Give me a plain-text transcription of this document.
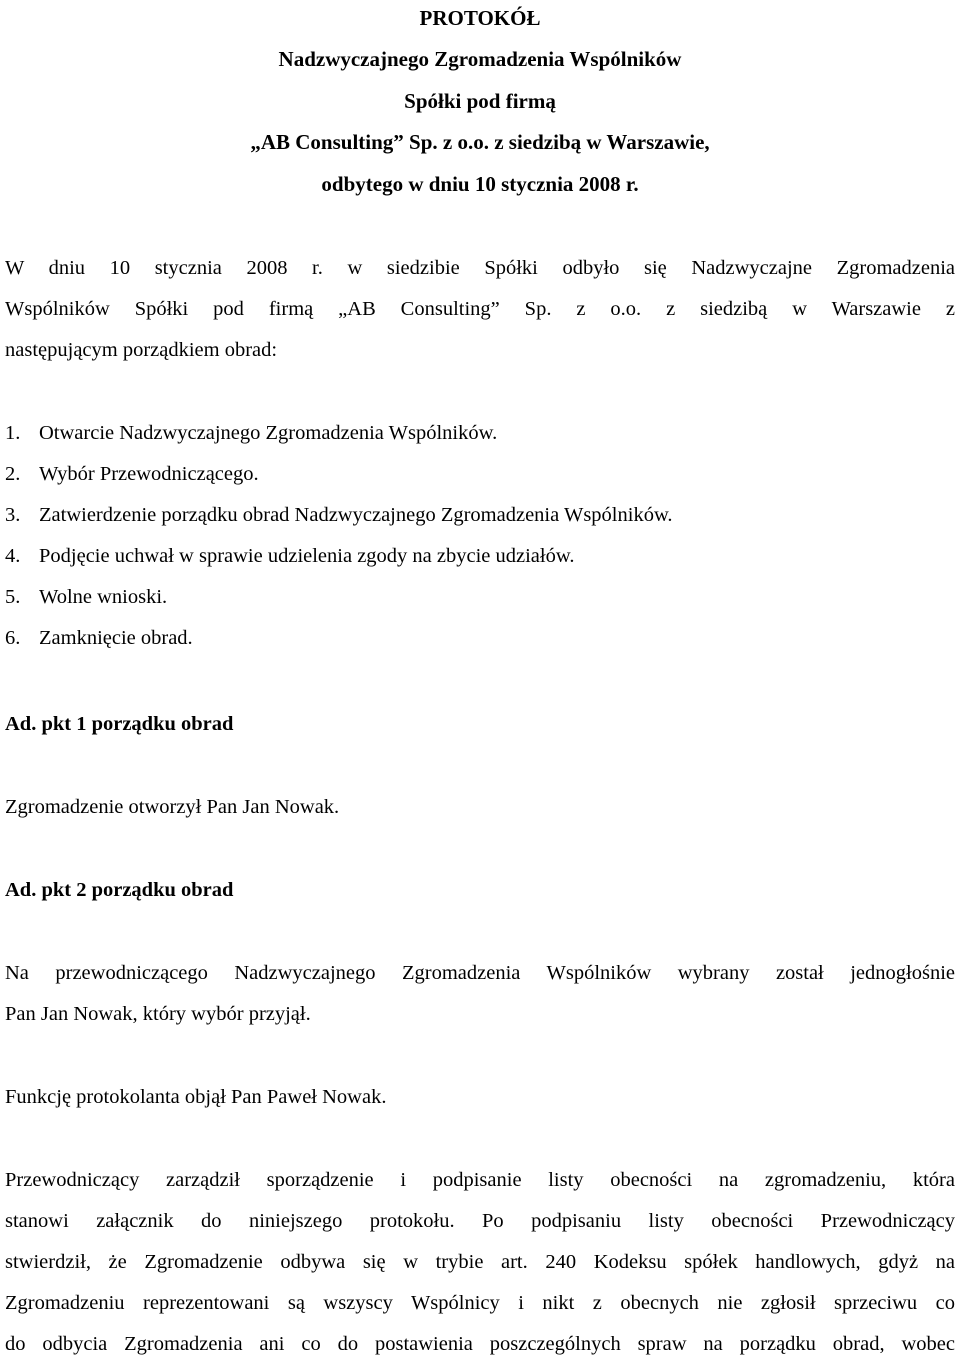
PROTOKÓŁ
Nadzwyczajnego Zgromadzenia Wspólników
Spółki pod firmą
„AB Consulting” Sp. z o.o. z siedzibą w Warszawie,
odbytego w dniu 10 stycznia 2008 r.
W dniu 10 stycznia 2008 r. w siedzibie Spółki odbyło się Nadzwyczajne Zgromadzenia
Wspólników Spółki pod firmą „AB Consulting” Sp. z o.o. z siedzibą w Warszawie z
następującym porządkiem obrad:
1. Otwarcie Nadzwyczajnego Zgromadzenia Wspólników.
2. Wybór Przewodniczącego.
3. Zatwierdzenie porządku obrad Nadzwyczajnego Zgromadzenia Wspólników.
4. Podjęcie uchwał w sprawie udzielenia zgody na zbycie udziałów.
5. Wolne wnioski.
6. Zamknięcie obrad.
Ad. pkt 1 porządku obrad
Zgromadzenie otworzył Pan Jan Nowak.
Ad. pkt 2 porządku obrad
Na przewodniczącego Nadzwyczajnego Zgromadzenia Wspólników wybrany został jednogłośnie
Pan Jan Nowak, który wybór przyjął.
Funkcję protokolanta objął Pan Paweł Nowak.
Przewodniczący zarządził sporządzenie i podpisanie listy obecności na zgromadzeniu, która
stanowi załącznik do niniejszego protokołu. Po podpisaniu listy obecności Przewodniczący
stwierdził, że Zgromadzenie odbywa się w trybie art. 240 Kodeksu spółek handlowych, gdyż na
Zgromadzeniu reprezentowani są wszyscy Wspólnicy i nikt z obecnych nie zgłosił sprzeciwu co
do odbycia Zgromadzenia ani co do postawienia poszczególnych spraw na porządku obrad, wobec
